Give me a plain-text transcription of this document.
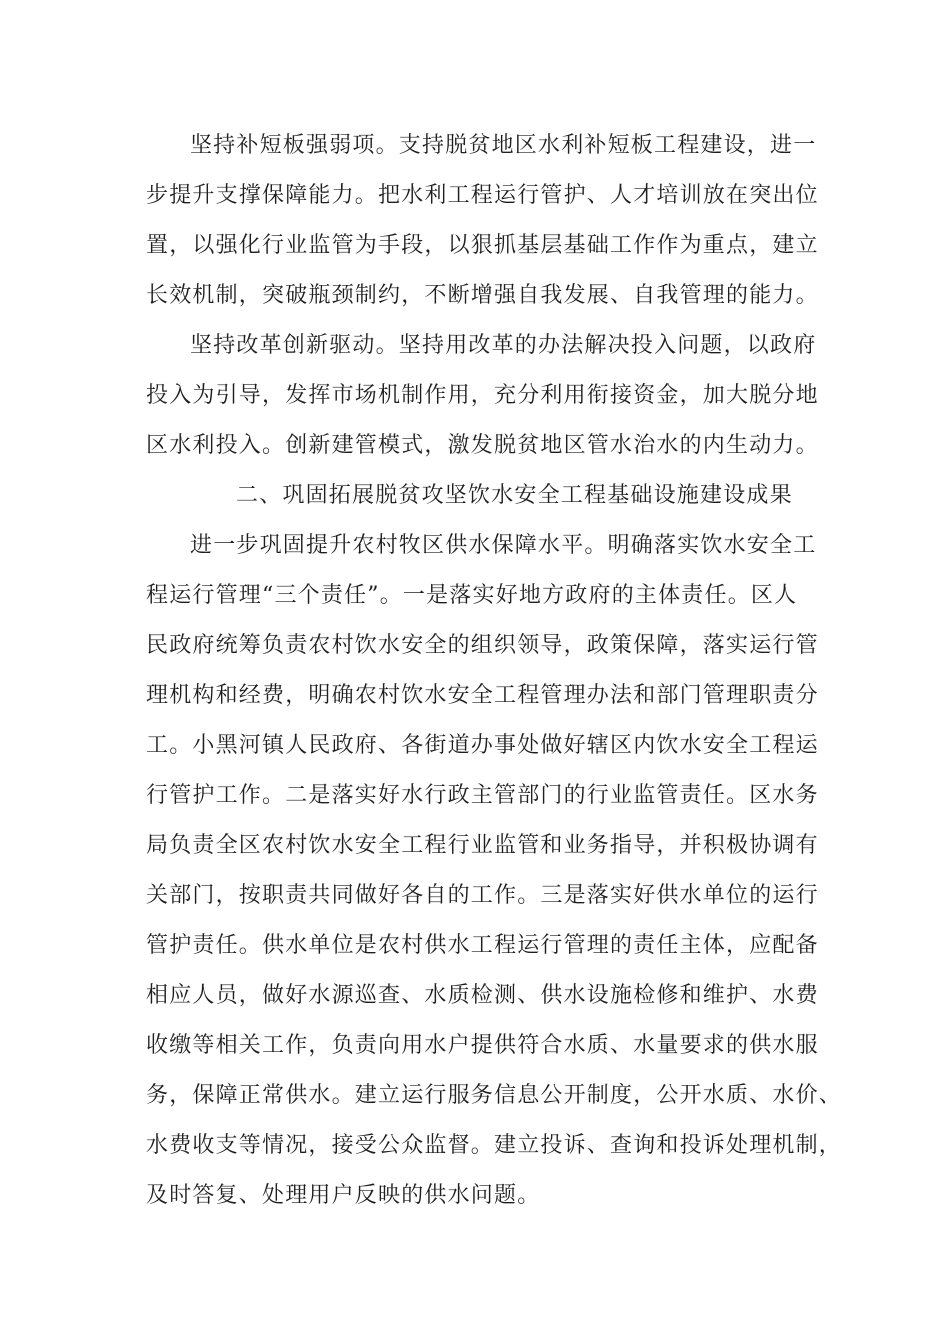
坚持补短板强弱项。支持脱贫地区水利补短板工程建设，进一
步提升支撑保障能力。把水利工程运行管护、人才培训放在突出位
置，以强化行业监管为手段，以狠抓基层基础工作作为重点，建立
长效机制，突破瓶颈制约，不断增强自我发展、自我管理的能力。
坚持改革创新驱动。坚持用改革的办法解决投入问题，以政府
投入为引导，发挥市场机制作用，充分利用衔接资金，加大脱分地
区水利投入。创新建管模式，激发脱贫地区管水治水的内生动力。
二、巩固拓展脱贫攻坚饮水安全工程基础设施建设成果
进一步巩固提升农村牧区供水保障水平。明确落实饮水安全工
程运行管理“三个责任”。一是落实好地方政府的主体责任。区人
民政府统筹负责农村饮水安全的组织领导，政策保障，落实运行管
理机构和经费，明确农村饮水安全工程管理办法和部门管理职责分
工。小黑河镇人民政府、各街道办事处做好辖区内饮水安全工程运
行管护工作。二是落实好水行政主管部门的行业监管责任。区水务
局负责全区农村饮水安全工程行业监管和业务指导，并积极协调有
关部门，按职责共同做好各自的工作。三是落实好供水单位的运行
管护责任。供水单位是农村供水工程运行管理的责任主体，应配备
相应人员，做好水源巡查、水质检测、供水设施检修和维护、水费
收缴等相关工作，负责向用水户提供符合水质、水量要求的供水服
务，保障正常供水。建立运行服务信息公开制度，公开水质、水价、
水费收支等情况，接受公众监督。建立投诉、查询和投诉处理机制，
及时答复、处理用户反映的供水问题。
